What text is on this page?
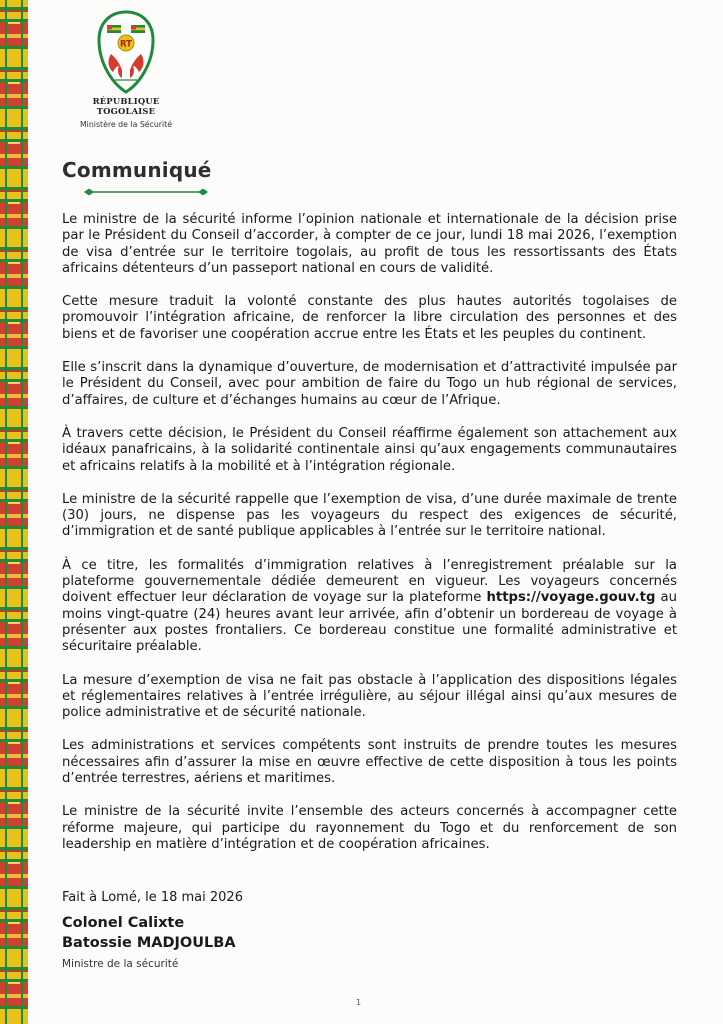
RT
RÉPUBLIQUE TOGOLAISE
Ministère de la Sécurité
Communiqué

Le ministre de la sécurité informe l’opinion nationale et internationale de la décision prise par le Président du Conseil d’accorder, à compter de ce jour, lundi 18 mai 2026, l’exemption de visa d’entrée sur le territoire togolais, au profit de tous les ressortissants des États africains détenteurs d’un passeport national en cours de validité.

Cette mesure traduit la volonté constante des plus hautes autorités togolaises de promouvoir l’intégration africaine, de renforcer la libre circulation des personnes et des biens et de favoriser une coopération accrue entre les États et les peuples du continent.

Elle s’inscrit dans la dynamique d’ouverture, de modernisation et d’attractivité impulsée par le Président du Conseil, avec pour ambition de faire du Togo un hub régional de services, d’affaires, de culture et d’échanges humains au cœur de l’Afrique.

À travers cette décision, le Président du Conseil réaffirme également son attachement aux idéaux panafricains, à la solidarité continentale ainsi qu’aux engagements communautaires et africains relatifs à la mobilité et à l’intégration régionale.

Le ministre de la sécurité rappelle que l’exemption de visa, d’une durée maximale de trente (30) jours, ne dispense pas les voyageurs du respect des exigences de sécurité, d’immigration et de santé publique applicables à l’entrée sur le territoire national.

À ce titre, les formalités d’immigration relatives à l’enregistrement préalable sur la plateforme gouvernementale dédiée demeurent en vigueur. Les voyageurs concernés doivent effectuer leur déclaration de voyage sur la plateforme https://voyage.gouv.tg au moins vingt-quatre (24) heures avant leur arrivée, afin d’obtenir un bordereau de voyage à présenter aux postes frontaliers. Ce bordereau constitue une formalité administrative et sécuritaire préalable.

La mesure d’exemption de visa ne fait pas obstacle à l’application des dispositions légales et réglementaires relatives à l’entrée irrégulière, au séjour illégal ainsi qu’aux mesures de police administrative et de sécurité nationale.

Les administrations et services compétents sont instruits de prendre toutes les mesures nécessaires afin d’assurer la mise en œuvre effective de cette disposition à tous les points d’entrée terrestres, aériens et maritimes.

Le ministre de la sécurité invite l’ensemble des acteurs concernés à accompagner cette réforme majeure, qui participe du rayonnement du Togo et du renforcement de son leadership en matière d’intégration et de coopération africaines.

Fait à Lomé, le 18 mai 2026
Colonel Calixte
Batossie MADJOULBA
Ministre de la sécurité
1
